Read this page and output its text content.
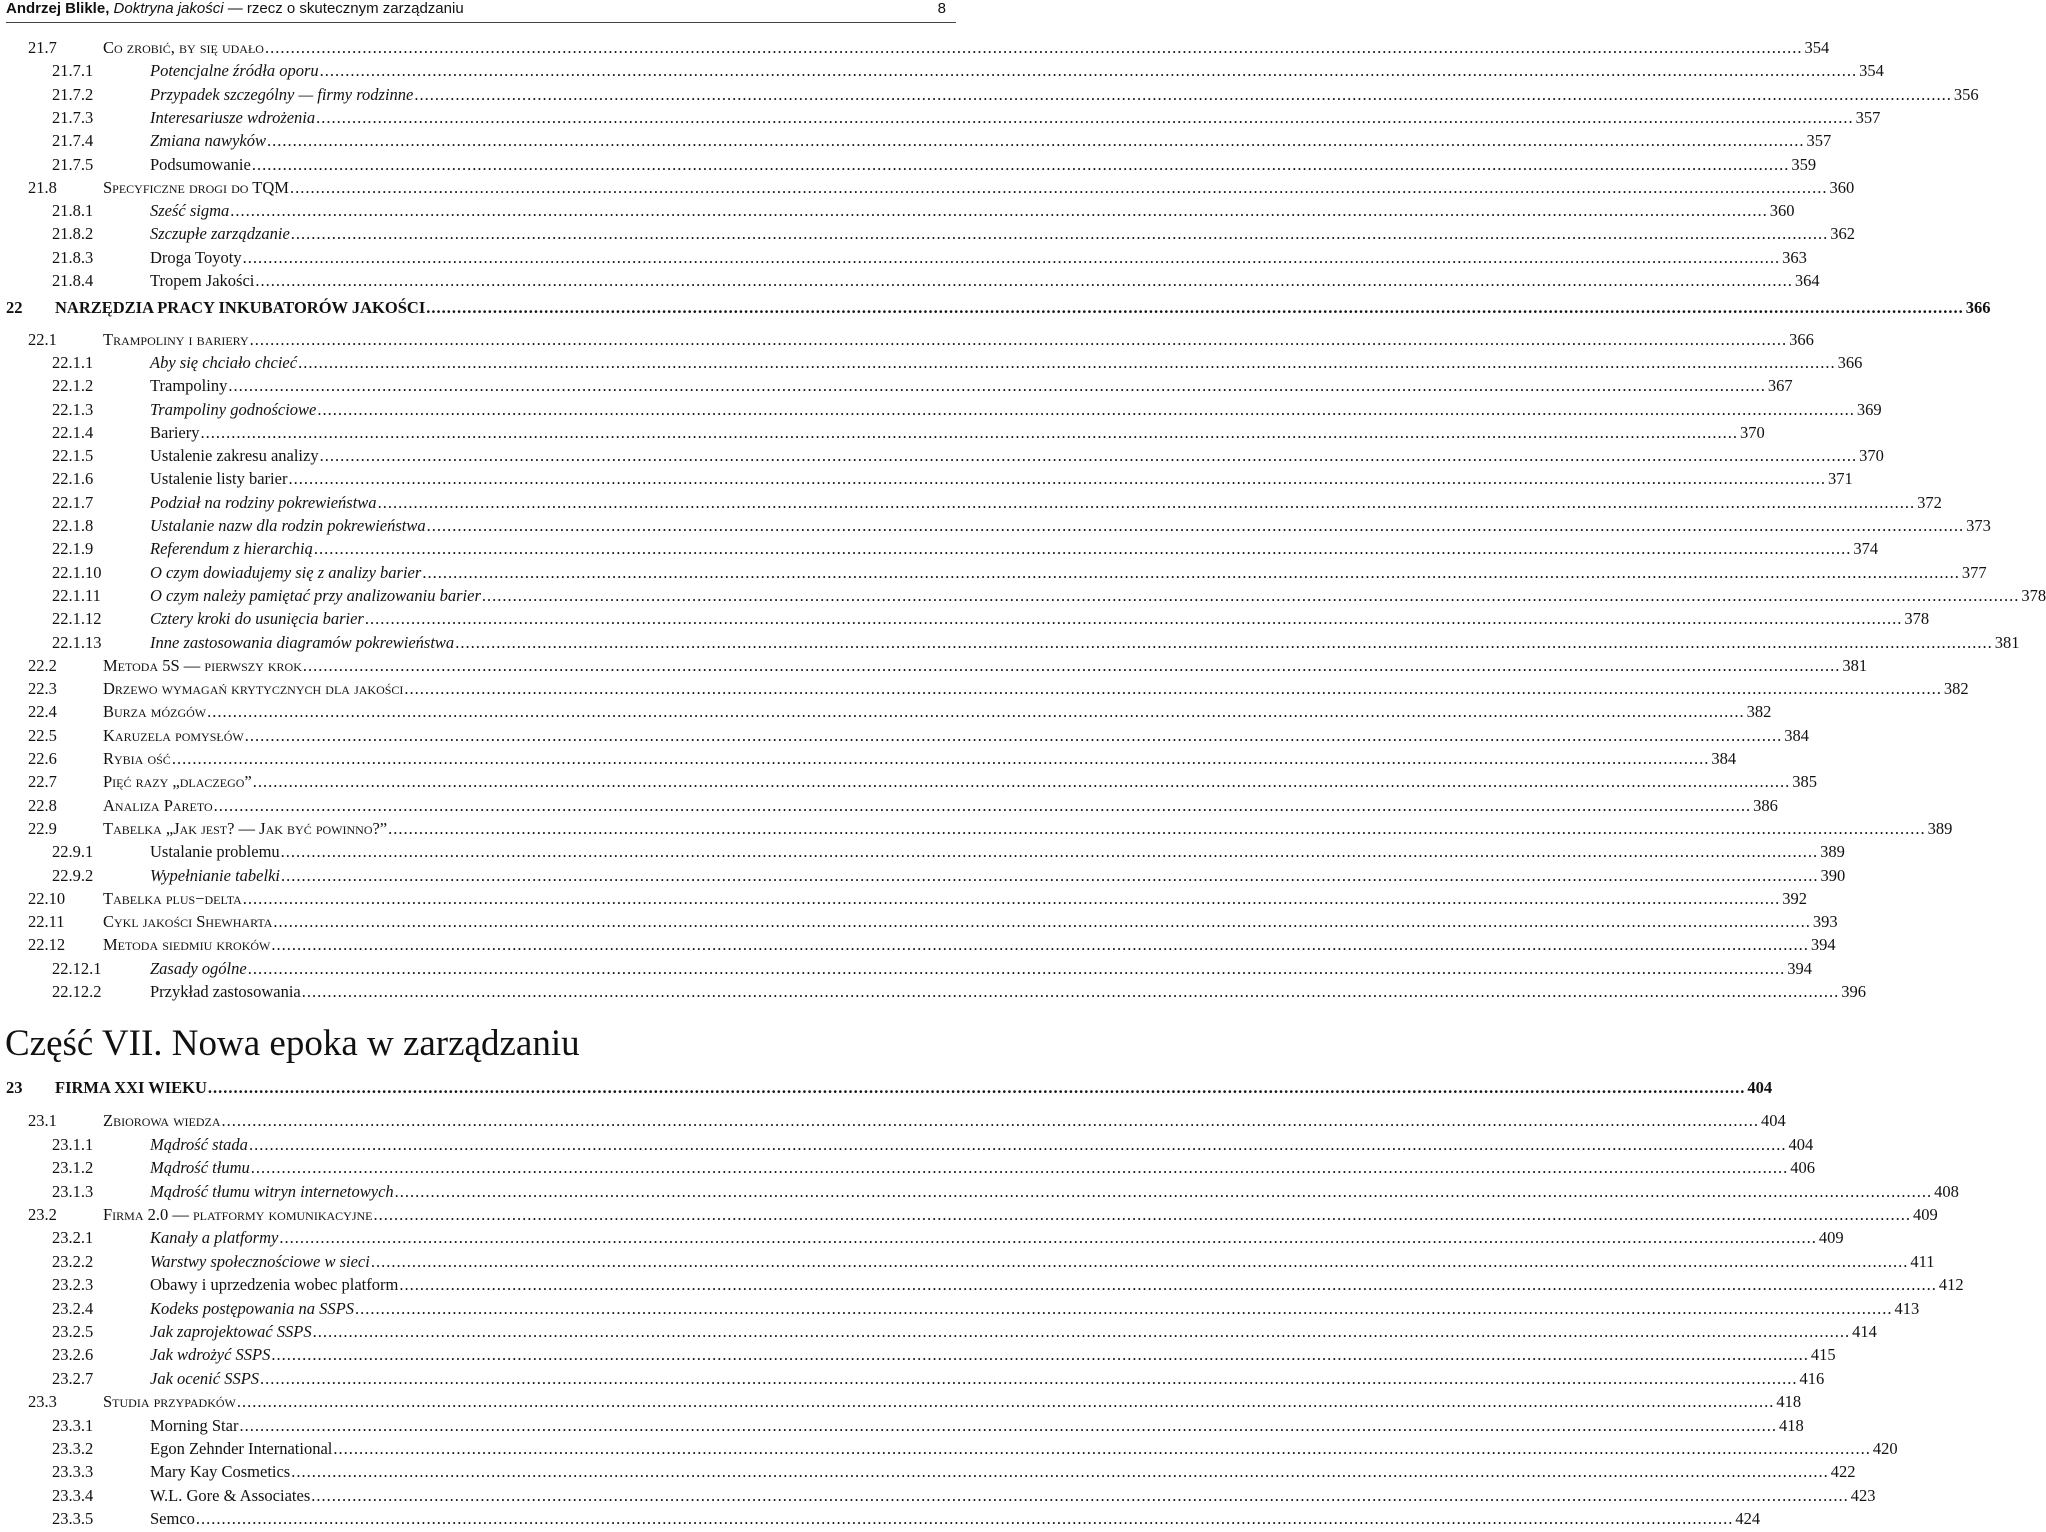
Andrzej Blikle, Doktryna jakości — rzecz o skutecznym zarządzaniu	8
21.7	Co zrobić, by się udało ............................................................................................................................................................................................................................................................................................................ 354
21.7.1	Potencjalne źródła oporu ............................................................................................................................................................................................................................................................................................................ 354
21.7.2	Przypadek szczególny — firmy rodzinne ............................................................................................................................................................................................................................................................................................................ 356
21.7.3	Interesariusze wdrożenia ............................................................................................................................................................................................................................................................................................................ 357
21.7.4	Zmiana nawyków ............................................................................................................................................................................................................................................................................................................ 357
21.7.5	Podsumowanie ............................................................................................................................................................................................................................................................................................................ 359
21.8	Specyficzne drogi do TQM ............................................................................................................................................................................................................................................................................................................ 360
21.8.1	Sześć sigma ............................................................................................................................................................................................................................................................................................................ 360
21.8.2	Szczupłe zarządzanie ............................................................................................................................................................................................................................................................................................................ 362
21.8.3	Droga Toyoty ............................................................................................................................................................................................................................................................................................................ 363
21.8.4	Tropem Jakości ............................................................................................................................................................................................................................................................................................................ 364
22 NARZĘDZIA PRACY INKUBATORÓW JAKOŚCI ............................................................................................................................................................................................................................................................................................................ 366
22.1	Trampoliny i bariery ............................................................................................................................................................................................................................................................................................................ 366
22.1.1	Aby się chciało chcieć ............................................................................................................................................................................................................................................................................................................ 366
22.1.2	Trampoliny ............................................................................................................................................................................................................................................................................................................ 367
22.1.3	Trampoliny godnościowe ............................................................................................................................................................................................................................................................................................................ 369
22.1.4	Bariery ............................................................................................................................................................................................................................................................................................................ 370
22.1.5	Ustalenie zakresu analizy ............................................................................................................................................................................................................................................................................................................ 370
22.1.6	Ustalenie listy barier ............................................................................................................................................................................................................................................................................................................ 371
22.1.7	Podział na rodziny pokrewieństwa ............................................................................................................................................................................................................................................................................................................ 372
22.1.8	Ustalanie nazw dla rodzin pokrewieństwa ............................................................................................................................................................................................................................................................................................................ 373
22.1.9	Referendum z hierarchią ............................................................................................................................................................................................................................................................................................................ 374
22.1.10	O czym dowiadujemy się z analizy barier ............................................................................................................................................................................................................................................................................................................ 377
22.1.11	O czym należy pamiętać przy analizowaniu barier ............................................................................................................................................................................................................................................................................................................ 378
22.1.12	Cztery kroki do usunięcia barier ............................................................................................................................................................................................................................................................................................................ 378
22.1.13	Inne zastosowania diagramów pokrewieństwa ............................................................................................................................................................................................................................................................................................................ 381
22.2	Metoda 5S — pierwszy krok ............................................................................................................................................................................................................................................................................................................ 381
22.3	Drzewo wymagań krytycznych dla jakości ............................................................................................................................................................................................................................................................................................................ 382
22.4	Burza mózgów ............................................................................................................................................................................................................................................................................................................ 382
22.5	Karuzela pomysłów ............................................................................................................................................................................................................................................................................................................ 384
22.6	Rybia ość ............................................................................................................................................................................................................................................................................................................ 384
22.7	Pięć razy „dlaczego” ............................................................................................................................................................................................................................................................................................................ 385
22.8	Analiza Pareto ............................................................................................................................................................................................................................................................................................................ 386
22.9	Tabelka „Jak jest? — Jak być powinno?” ............................................................................................................................................................................................................................................................................................................ 389
22.9.1	Ustalanie problemu ............................................................................................................................................................................................................................................................................................................ 389
22.9.2	Wypełnianie tabelki ............................................................................................................................................................................................................................................................................................................ 390
22.10 Tabelka plus−delta ............................................................................................................................................................................................................................................................................................................ 392
22.11 Cykl jakości Shewharta ............................................................................................................................................................................................................................................................................................................ 393
22.12 Metoda siedmiu kroków ............................................................................................................................................................................................................................................................................................................ 394
22.12.1	Zasady ogólne ............................................................................................................................................................................................................................................................................................................ 394
22.12.2	Przykład zastosowania ............................................................................................................................................................................................................................................................................................................ 396
23 FIRMA XXI WIEKU ............................................................................................................................................................................................................................................................................................................ 404
23.1	Zbiorowa wiedza ............................................................................................................................................................................................................................................................................................................ 404
23.1.1	Mądrość stada ............................................................................................................................................................................................................................................................................................................ 404
23.1.2	Mądrość tłumu ............................................................................................................................................................................................................................................................................................................ 406
23.1.3	Mądrość tłumu witryn internetowych ............................................................................................................................................................................................................................................................................................................ 408
23.2	Firma 2.0 — platformy komunikacyjne ............................................................................................................................................................................................................................................................................................................ 409
23.2.1	Kanały a platformy ............................................................................................................................................................................................................................................................................................................ 409
23.2.2	Warstwy społecznościowe w sieci ............................................................................................................................................................................................................................................................................................................ 411
23.2.3	Obawy i uprzedzenia wobec platform ............................................................................................................................................................................................................................................................................................................ 412
23.2.4	Kodeks postępowania na SSPS ............................................................................................................................................................................................................................................................................................................ 413
23.2.5	Jak zaprojektować SSPS ............................................................................................................................................................................................................................................................................................................ 414
23.2.6	Jak wdrożyć SSPS ............................................................................................................................................................................................................................................................................................................ 415
23.2.7	Jak ocenić SSPS ............................................................................................................................................................................................................................................................................................................ 416
23.3	Studia przypadków ............................................................................................................................................................................................................................................................................................................ 418
23.3.1	Morning Star ............................................................................................................................................................................................................................................................................................................ 418
23.3.2	Egon Zehnder International ............................................................................................................................................................................................................................................................................................................ 420
23.3.3	Mary Kay Cosmetics ............................................................................................................................................................................................................................................................................................................ 422
23.3.4	W.L. Gore & Associates ............................................................................................................................................................................................................................................................................................................ 423
23.3.5	Semco ............................................................................................................................................................................................................................................................................................................ 424
Część VII. Nowa epoka w zarządzaniu
